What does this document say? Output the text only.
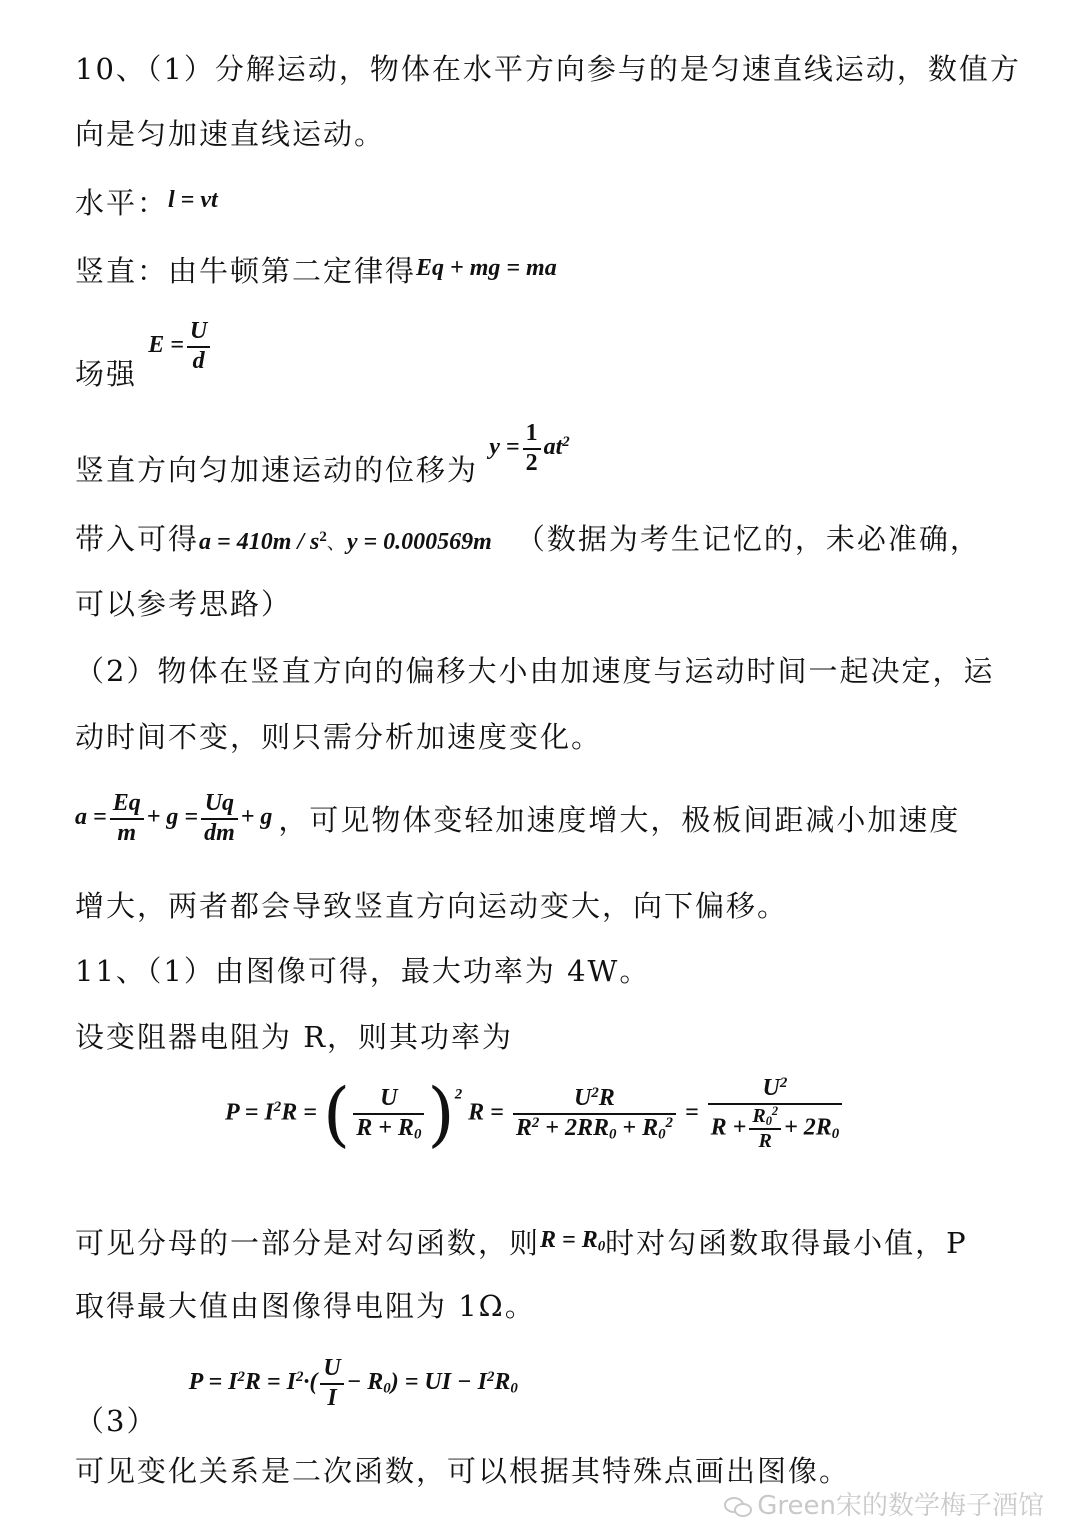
10、（1）分解运动，物体在水平方向参与的是匀速直线运动，数值方
向是匀加速直线运动。
水平：$^{l = vt}$
竖直：由牛顿第二定律得$^{Eq + mg = ma}$
场强 $E = \frac{U}{d}$
竖直方向匀加速运动的位移为 $y = \frac{1}{2} at^2$
带入可得$a = 410m / s^2$、y = 0.000569m （数据为考生记忆的，未必准确，
可以参考思路）
（2）物体在竖直方向的偏移大小由加速度与运动时间一起决定，运
动时间不变，则只需分析加速度变化。
$a = \frac{Eq}{m} + g = \frac{Uq}{dm} + g$ ，可见物体变轻加速度增大，极板间距减小加速度
增大，两者都会导致竖直方向运动变大，向下偏移。
11、（1）由图像可得，最大功率为 4W。
设变阻器电阻为 R，则其功率为
$P = I^2R$ = ( $\frac{U}{R + R_0} )^2$ $R = \frac{U^2R}{R^2 + 2RR_0 + R_0^2} = \frac{U^2}{R + \frac{R_0^2}{R} + 2R_0}$
可见分母的一部分是对勾函数，则$^{R = R_0}$时对勾函数取得最小值，P
取得最大值由图像得电阻为 1Ω。
（3） $P = I^2R = I^2\cdot( \frac{U}{I} - R_0)$ = UI − $I^2R_0$
可见变化关系是二次函数，可以根据其特殊点画出图像。
Green宋的数学梅子酒馆
